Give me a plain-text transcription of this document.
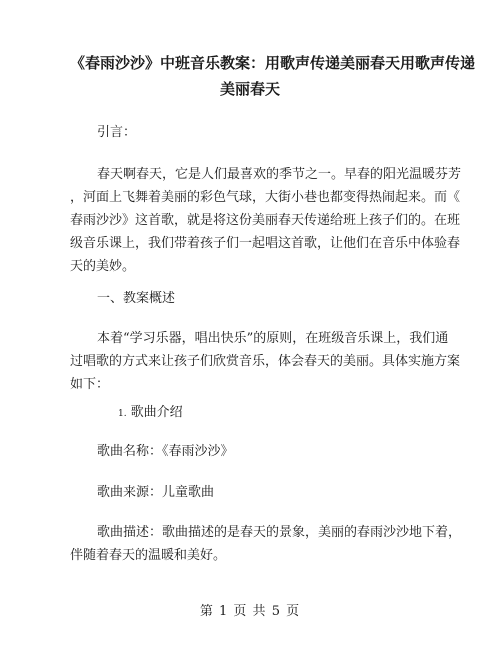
《春雨沙沙》中班音乐教案：用歌声传递美丽春天用歌声传递
美丽春天

引言：

春天啊春天，它是人们最喜欢的季节之一。早春的阳光温暖芬芳
，河面上飞舞着美丽的彩色气球，大街小巷也都变得热闹起来。而《
春雨沙沙》这首歌，就是将这份美丽春天传递给班上孩子们的。在班
级音乐课上，我们带着孩子们一起唱这首歌，让他们在音乐中体验春
天的美妙。

一、教案概述

本着“学习乐器，唱出快乐”的原则，在班级音乐课上，我们通
过唱歌的方式来让孩子们欣赏音乐，体会春天的美丽。具体实施方案
如下：
1. 歌曲介绍

歌曲名称：《春雨沙沙》

歌曲来源：儿童歌曲

歌曲描述：歌曲描述的是春天的景象，美丽的春雨沙沙地下着，
伴随着春天的温暖和美好。
第 1 页 共 5 页
